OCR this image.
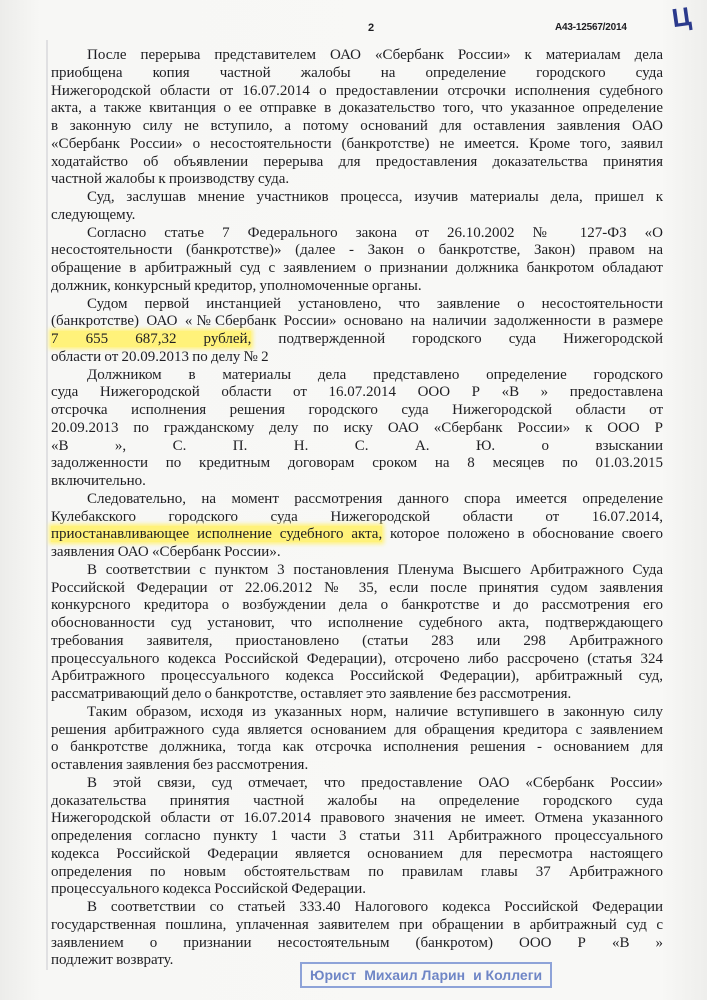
Ц
2	А43-12567/2014
После перерыва представителем ОАО «Сбербанк России» к материалам дела
приобщена копия частной жалобы на определение городского суда
Нижегородской области от 16.07.2014 о предоставлении отсрочки исполнения судебного
акта, а также квитанция о ее отправке в доказательство того, что указанное определение
в законную силу не вступило, а потому оснований для оставления заявления ОАО
«Сбербанк России» о несостоятельности (банкротстве) не имеется. Кроме того, заявил
ходатайство об объявлении перерыва для предоставления доказательства принятия
частной жалобы к производству суда.
Суд, заслушав мнение участников процесса, изучив материалы дела, пришел к
следующему.
Согласно статье 7 Федерального закона от 26.10.2002 № 127-ФЗ «О
несостоятельности (банкротстве)» (далее - Закон о банкротстве, Закон) правом на
обращение в арбитражный суд с заявлением о признании должника банкротом обладают
должник, конкурсный кредитор, уполномоченные органы.
Судом первой инстанцией установлено, что заявление о несостоятельности
(банкротстве) ОАО «№Сбербанк России» основано на наличии задолженности в размере
7 655 687,32 рублей, подтвержденной городского суда Нижегородской
области от 20.09.2013 по делу № 2
Должником в материалы дела представлено определение городского
суда Нижегородской области от 16.07.2014 ООО Р «В » предоставлена
отсрочка исполнения решения городского суда Нижегородской области от
20.09.2013 по гражданскому делу по иску ОАО «Сбербанк России» к ООО Р
«В », С. П. Н. С. А. Ю. о взыскании
задолженности по кредитным договорам сроком на 8 месяцев по 01.03.2015
включительно.
Следовательно, на момент рассмотрения данного спора имеется определение
Кулебакского городского суда Нижегородской области от 16.07.2014,
приостанавливающее исполнение судебного акта, которое положено в обоснование своего
заявления ОАО «Сбербанк России».
В соответствии с пунктом 3 постановления Пленума Высшего Арбитражного Суда
Российской Федерации от 22.06.2012 № 35, если после принятия судом заявления
конкурсного кредитора о возбуждении дела о банкротстве и до рассмотрения его
обоснованности суд установит, что исполнение судебного акта, подтверждающего
требования заявителя, приостановлено (статьи 283 или 298 Арбитражного
процессуального кодекса Российской Федерации), отсрочено либо рассрочено (статья 324
Арбитражного процессуального кодекса Российской Федерации), арбитражный суд,
рассматривающий дело о банкротстве, оставляет это заявление без рассмотрения.
Таким образом, исходя из указанных норм, наличие вступившего в законную силу
решения арбитражного суда является основанием для обращения кредитора с заявлением
о банкротстве должника, тогда как отсрочка исполнения решения - основанием для
оставления заявления без рассмотрения.
В этой связи, суд отмечает, что предоставление ОАО «Сбербанк России»
доказательства принятия частной жалобы на определение городского суда
Нижегородской области от 16.07.2014 правового значения не имеет. Отмена указанного
определения согласно пункту 1 части 3 статьи 311 Арбитражного процессуального
кодекса Российской Федерации является основанием для пересмотра настоящего
определения по новым обстоятельствам по правилам главы 37 Арбитражного
процессуального кодекса Российской Федерации.
В соответствии со статьей 333.40 Налогового кодекса Российской Федерации
государственная пошлина, уплаченная заявителем при обращении в арбитражный суд с
заявлением о признании несостоятельным (банкротом) ООО Р «В »
подлежит возврату.
Юрист Михаил Ларин и Коллеги
